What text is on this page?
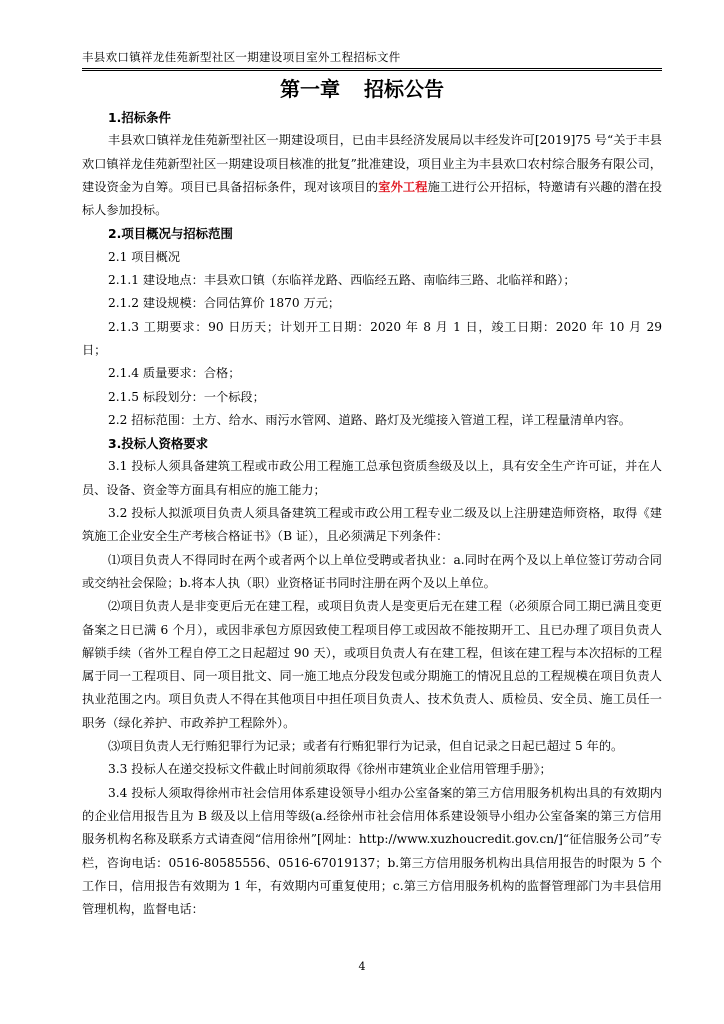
丰县欢口镇祥龙佳苑新型社区一期建设项目室外工程招标文件
第一章 招标公告

1.招标条件

丰县欢口镇祥龙佳苑新型社区一期建设项目，已由丰县经济发展局以丰经发许可[2019]75 号“关于丰县欢口镇祥龙佳苑新型社区一期建设项目核准的批复”批准建设，项目业主为丰县欢口农村综合服务有限公司，建设资金为自筹。项目已具备招标条件，现对该项目的室外工程施工进行公开招标，特邀请有兴趣的潜在投标人参加投标。

2.项目概况与招标范围

2.1 项目概况

2.1.1 建设地点：丰县欢口镇（东临祥龙路、西临经五路、南临纬三路、北临祥和路）；

2.1.2 建设规模：合同估算价 1870 万元；

2.1.3 工期要求：90 日历天；计划开工日期：2020 年 8 月 1 日，竣工日期：2020 年 10 月 29 日；

2.1.4 质量要求：合格；

2.1.5 标段划分：一个标段；

2.2 招标范围：土方、给水、雨污水管网、道路、路灯及光缆接入管道工程，详工程量清单内容。

3.投标人资格要求

3.1 投标人须具备建筑工程或市政公用工程施工总承包资质叁级及以上，具有安全生产许可证，并在人员、设备、资金等方面具有相应的施工能力；

3.2 投标人拟派项目负责人须具备建筑工程或市政公用工程专业二级及以上注册建造师资格，取得《建筑施工企业安全生产考核合格证书》（B 证），且必须满足下列条件：

⑴项目负责人不得同时在两个或者两个以上单位受聘或者执业：a.同时在两个及以上单位签订劳动合同或交纳社会保险；b.将本人执（职）业资格证书同时注册在两个及以上单位。

⑵项目负责人是非变更后无在建工程，或项目负责人是变更后无在建工程（必须原合同工期已满且变更备案之日已满 6 个月），或因非承包方原因致使工程项目停工或因故不能按期开工、且已办理了项目负责人解锁手续（省外工程自停工之日起超过 90 天），或项目负责人有在建工程，但该在建工程与本次招标的工程属于同一工程项目、同一项目批文、同一施工地点分段发包或分期施工的情况且总的工程规模在项目负责人执业范围之内。项目负责人不得在其他项目中担任项目负责人、技术负责人、质检员、安全员、施工员任一职务（绿化养护、市政养护工程除外）。

⑶项目负责人无行贿犯罪行为记录；或者有行贿犯罪行为记录，但自记录之日起已超过 5 年的。

3.3 投标人在递交投标文件截止时间前须取得《徐州市建筑业企业信用管理手册》；

3.4 投标人须取得徐州市社会信用体系建设领导小组办公室备案的第三方信用服务机构出具的有效期内的企业信用报告且为 B 级及以上信用等级(a.经徐州市社会信用体系建设领导小组办公室备案的第三方信用服务机构名称及联系方式请查阅“信用徐州”[网址：http://www.xuzhoucredit.gov.cn/]“征信服务公司”专栏，咨询电话：0516-80585556、0516-67019137；b.第三方信用服务机构出具信用报告的时限为 5 个工作日，信用报告有效期为 1 年，有效期内可重复使用；c.第三方信用服务机构的监督管理部门为丰县信用管理机构，监督电话：

4
